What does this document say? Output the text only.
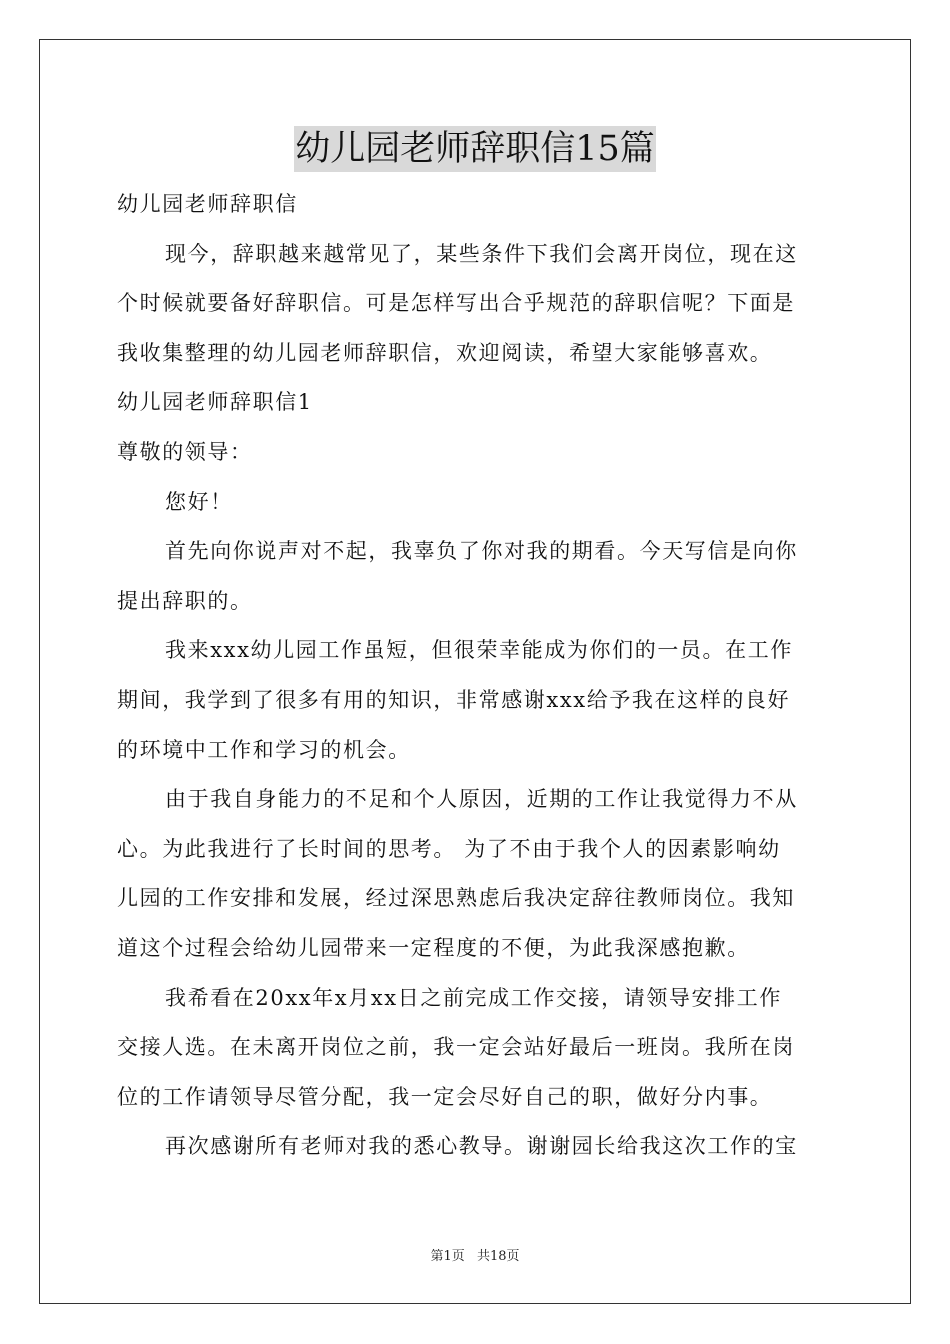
幼儿园老师辞职信15篇
幼儿园老师辞职信
现今，辞职越来越常见了，某些条件下我们会离开岗位，现在这
个时候就要备好辞职信。可是怎样写出合乎规范的辞职信呢？下面是
我收集整理的幼儿园老师辞职信，欢迎阅读，希望大家能够喜欢。
幼儿园老师辞职信1
尊敬的领导：
您好！
首先向你说声对不起，我辜负了你对我的期看。今天写信是向你
提出辞职的。
我来xxx幼儿园工作虽短，但很荣幸能成为你们的一员。在工作
期间，我学到了很多有用的知识，非常感谢xxx给予我在这样的良好
的环境中工作和学习的机会。
由于我自身能力的不足和个人原因，近期的工作让我觉得力不从
心。为此我进行了长时间的思考。 为了不由于我个人的因素影响幼
儿园的工作安排和发展，经过深思熟虑后我决定辞往教师岗位。我知
道这个过程会给幼儿园带来一定程度的不便，为此我深感抱歉。
我希看在20xx年x月xx日之前完成工作交接，请领导安排工作
交接人选。在未离开岗位之前，我一定会站好最后一班岗。我所在岗
位的工作请领导尽管分配，我一定会尽好自己的职，做好分内事。
再次感谢所有老师对我的悉心教导。谢谢园长给我这次工作的宝
第1页 共18页
